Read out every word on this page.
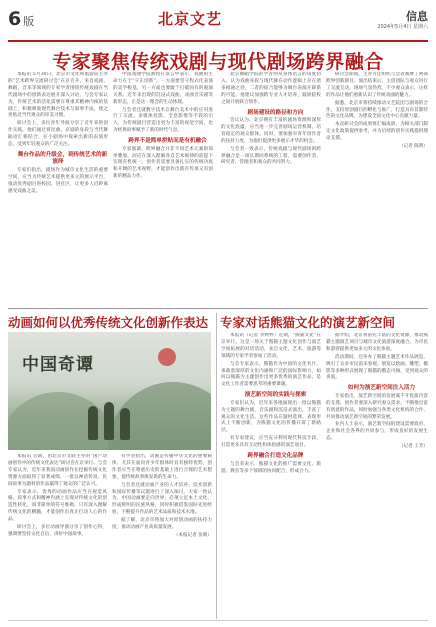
6 版	北京文艺	信息
2024年5月4日 星期六
专家聚焦传统戏剧与现代剧场跨界融合

本报讯 5月30日，北京市文化和旅游局主办的“艺术跨界交流研讨会”在京召开。来自戏剧、舞蹈、音乐等领域的专家学者围绕传统戏剧在当代剧场中的创新表达展开深入讨论。与会专家认为，传统艺术的活化需要在尊重其精神内核的基础上，积极吸收现代舞台技术与叙事手法，使之更贴近当代观众的审美习惯。

研讨会上，多位青年导演分享了近年来的创作实践。他们通过将昆曲、京剧的身段与当代舞蹈语汇相结合，在小剧场中探索出新的表演形态，受到年轻观众的广泛关注。

舞台作品的升级会，到传统艺术的新演绎

专家们指出，剧场作为城市文化生活的重要空间，应当为传统艺术提供更多元的展示平台，推动优秀剧目进校园、进社区，让更多人近距离感受戏曲之美。

中国戏曲学院教授在发言中表示，戏曲的生命力在于“守正创新”。一方面要坚守程式化表演的美学根基，另一方面也要敢于打破固有的观演关系。近年来出现的沉浸式戏曲、戏曲音乐剧等新形态，正是这一理念的生动体现。

与会者还就数字技术在舞台美术中的应用进行了交流。多媒体投影、全息影像等手段的引入，为传统剧目营造出更为丰富的视觉空间，也为经典故事赋予了新的时代气息。

跨界不是简单拼贴而是有机融合

专家强调，跨界融合并非不同艺术元素的简单叠加，而应在深入理解各自艺术规律的前提下实现有机统一。创作者需要具备扎实的传统功底和开阔的艺术视野，才能创作出既有传承又有创新的精品力作。

北京舞蹈学院的学者则从身体语言的角度切入，认为戏曲身段与现代舞在动作逻辑上存在诸多相通之处，二者的结合能够为舞台表演开辟新的可能。他建议加强跨专业人才培养，鼓励院校之间开展联合创作。

剧场建设的路径和方向

会议认为，北京拥有丰富的剧场资源和深厚的文化底蕴，应当进一步完善剧场运营机制，培育稳定的观众群体。同时，要加强对青年创作者的扶持力度，为他们提供更多展示才华的机会。

与会者一致表示，传统戏剧与现代剧场的跨界融合是一项长期而系统的工程，需要创作者、研究者、管理者和观众的共同努力。

研讨会期间，主办方还组织与会者观摩了两部跨界创新剧目。演出结束后，主创团队与观众进行了交流互动，现场气氛热烈。不少观众表示，这样的作品让他们重新认识了传统戏曲的魅力。

据悉，北京市将持续推动文艺院团与剧场的合作，支持原创剧目的孵化与推广，打造具有首都特色的文化品牌，为建设全国文化中心贡献力量。

本次研讨会的成果将汇编成册，为相关部门制定文化政策提供参考，并为后续的创作实践提供理论支撑。

（记者 陈明）

动画如何以优秀传统文化创新作表达 专家对话熊猫文化的演艺新空间
中国奇谭

本报讯 近期，由北京市文联主办的“国产动画创作中的传统文化表达”研讨会在京举行。与会专家认为，近年来我国动画创作在挖掘传统文化资源方面取得了显著成绩，一批以神话传说、民间故事为题材的作品赢得了观众的广泛认可。

专家表示，优秀的动画作品应当在视觉风格、叙事方式和精神内涵上实现对传统文化的创造性转化，而非简单的符号堆砌。只有深入理解传统文化的精髓，才能创作出真正打动人心的作品。

研讨会上，多位动画导演分享了创作心得，强调要坚持文化自信，讲好中国故事。

有学者指出，动画是传播中华文化的重要载体，尤其在面向青少年群体时具有独特优势。创作者应当在尊重历史的基础上进行合理的艺术想象，使传统故事焕发新的生命力。

与会者还就动画产业的人才培养、技术创新和国际传播等议题进行了深入探讨。大家一致认为，中国动画要走向世界，必须立足本土文化，形成鲜明的民族风格，同时积极借鉴国际先进经验，不断提升作品的艺术品质和技术水准。

据了解，北京市将加大对原创动画的扶持力度，推动动画产业高质量发展。

（本报记者 张晴）

本报讯（记者 李婷婷）近期，“熊猫文化”在京举行。这是一场关于熊猫主题文化创作与演艺空间拓展的对话活动，来自文化、艺术、旅游等领域的专家学者参加了活动。

与会专家表示，熊猫作为中国的文化名片，承载着深厚的文化内涵和广泛的国际影响力。如何以熊猫为主题创作出更多优秀的演艺作品，是文化工作者需要思考的重要课题。

演艺新空间的实践与探索

专家们认为，近年来各地涌现出一批以熊猫为主题的舞台剧、音乐剧和沉浸式演出，丰富了观众的文化生活。这些作品在题材选择、表现形式上不断创新，为熊猫文化的传播开辟了新路径。

有专家建议，应当充分利用现代科技手段，打造更多具有互动性和体验感的演艺项目。

跨界融合打造文化品牌

与会者表示，熊猫文化的推广需要文化、旅游、教育等多个领域的协同配合，形成合力。

据介绍，北京将依托丰富的文化资源，推动熊猫主题演艺项目与城市文化旅游深度融合，为市民和游客提供更加多元的文化体验。

活动期间，还举办了熊猫主题艺术作品展览，吸引了众多市民前来参观。展览以绘画、雕塑、摄影等多种形式展现了熊猫的憨态可掬，受到观众的喜爱。

如何为演艺新空间注入活力

专家指出，演艺新空间的发展离不开优质内容的支撑。创作者要深入研究观众需求，不断推出富有创意的作品，同时加强与各类文化机构的合作，共同推动演艺新空间的繁荣发展。

业内人士表示，演艺新空间的建设需要政府、企业和社会各界的共同参与，形成良好的发展生态。

（记者 王芳）
